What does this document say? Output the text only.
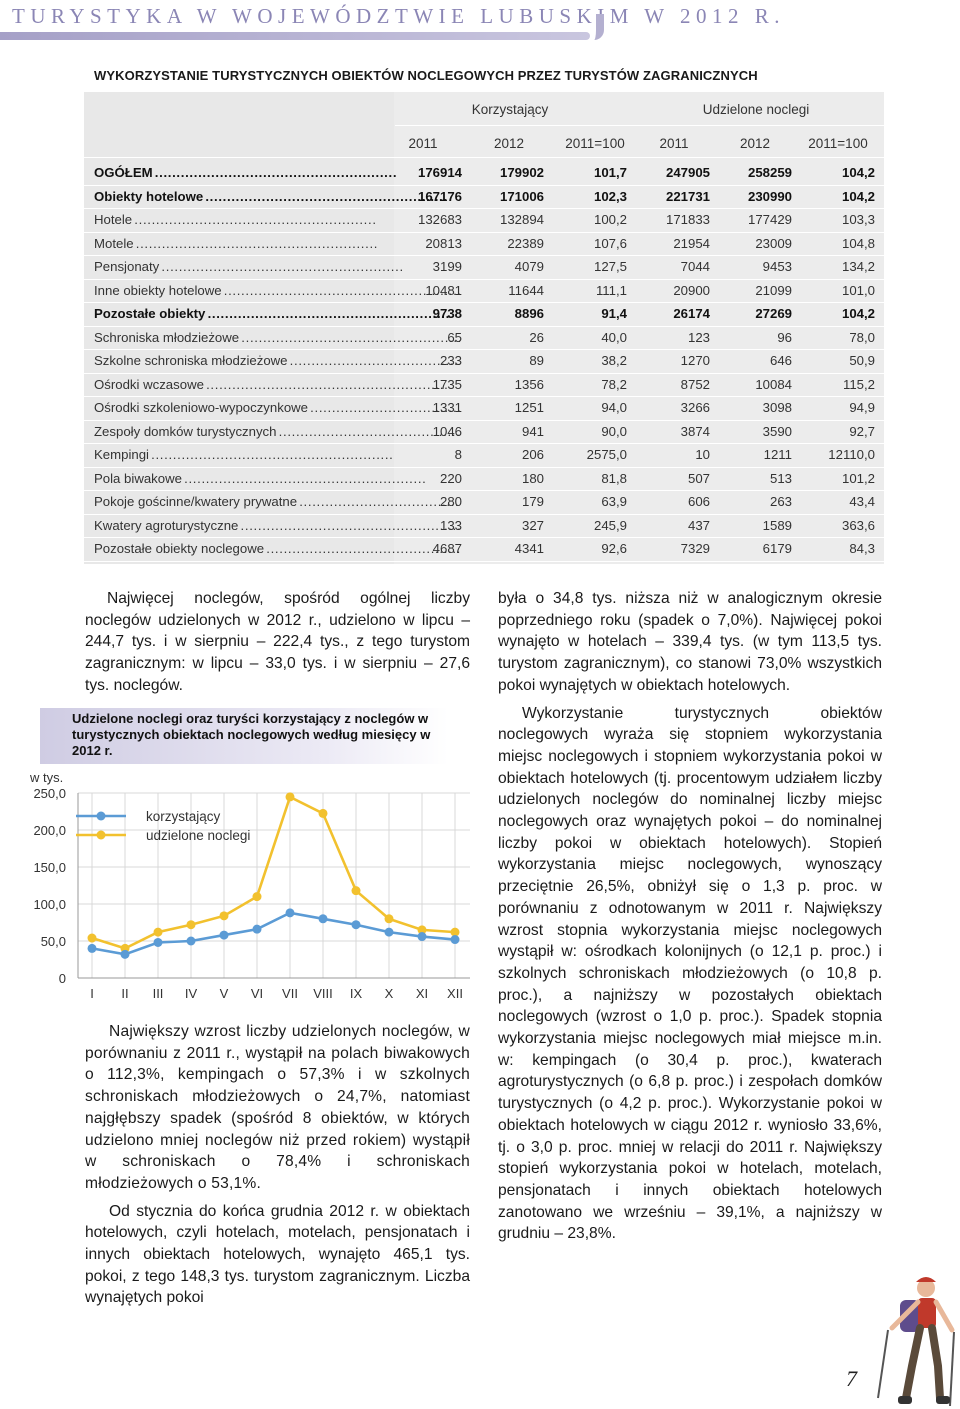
TURYSTYKA W WOJEWÓDZTWIE LUBUSKIM W 2012 R.
WYKORZYSTANIE TURYSTYCZNYCH OBIEKTÓW NOCLEGOWYCH PRZEZ TURYSTÓW ZAGRANICZNYCH
Korzystający	Udzielone noclegi
2011	2012	2011=100	2011	2012	2011=100
OGÓŁEM . . .	176914	179902	101,7	247905	258259	104,2
Obiekty hotelowe . . .	167176	171006	102,3	221731	230990	104,2
Hotele . . .	132683	132894	100,2	171833	177429	103,3
Motele . . .	20813	22389	107,6	21954	23009	104,8
Pensjonaty . . .	3199	4079	127,5	7044	9453	134,2
Inne obiekty hotelowe . . .	10481	11644	111,1	20900	21099	101,0
Pozostałe obiekty . . .	9738	8896	91,4	26174	27269	104,2
Schroniska młodzieżowe . . .	65	26	40,0	123	96	78,0
Szkolne schroniska młodzieżowe . . .	233	89	38,2	1270	646	50,9
Ośrodki wczasowe . . .	1735	1356	78,2	8752	10084	115,2
Ośrodki szkoleniowo-wypoczynkowe . . .	1331	1251	94,0	3266	3098	94,9
Zespoły domków turystycznych . . .	1046	941	90,0	3874	3590	92,7
Kempingi . . .	8	206	2575,0	10	1211	12110,0
Pola biwakowe . . .	220	180	81,8	507	513	101,2
Pokoje gościnne/kwatery prywatne . . .	280	179	63,9	606	263	43,4
Kwatery agroturystyczne . . .	133	327	245,9	437	1589	363,6
Pozostałe obiekty noclegowe . . .	4687	4341	92,6	7329	6179	84,3
Najwięcej noclegów, spośród ogólnej liczby noclegów udzielonych w 2012 r., udzielono w lipcu – 244,7 tys. i w sierpniu – 222,4 tys., z tego turystom zagranicznym: w lipcu – 33,0 tys. i w sierpniu – 27,6 tys. noclegów.
Udzielone noclegi oraz turyści korzystający z noclegów w turystycznych obiektach noclegowych według miesięcy w 2012 r.
w tys.
0
50,0
100,0
150,0
200,0
250,0
I II III IV V VI VII VIII IX X XI XII
korzystający
udzielone noclegi

Największy wzrost liczby udzielonych noclegów, w porównaniu z 2011 r., wystąpił na polach biwakowych o 112,3%, kempingach o 57,3% i w szkolnych schroniskach młodzieżowych o 24,7%, natomiast najgłębszy spadek (spośród 8 obiektów, w których udzielono mniej noclegów niż przed rokiem) wystąpił w schroniskach o 78,4% i schroniskach młodzieżowych o 53,1%.

Od stycznia do końca grudnia 2012 r. w obiektach hotelowych, czyli hotelach, motelach, pensjonatach i innych obiektach hotelowych, wynajęto 465,1 tys. pokoi, z tego 148,3 tys. turystom zagranicznym. Liczba wynajętych pokoi

była o 34,8 tys. niższa niż w analogicznym okresie poprzedniego roku (spadek o 7,0%). Najwięcej pokoi wynajęto w hotelach – 339,4 tys. (w tym 113,5 tys. turystom zagranicznym), co stanowi 73,0% wszystkich pokoi wynajętych w obiektach hotelowych.

Wykorzystanie turystycznych obiektów noclegowych wyraża się stopniem wykorzystania miejsc noclegowych i stopniem wykorzystania pokoi w obiektach hotelowych (tj. procentowym udziałem liczby udzielonych noclegów do nominalnej liczby miejsc noclegowych oraz wynajętych pokoi – do nominalnej liczby pokoi w obiektach hotelowych). Stopień wykorzystania miejsc noclegowych, wynoszący przeciętnie 26,5%, obniżył się o 1,3 p. proc. w porównaniu z odnotowanym w 2011 r. Największy wzrost stopnia wykorzystania miejsc noclegowych wystąpił w: ośrodkach kolonijnych (o 12,1 p. proc.) i szkolnych schroniskach młodzieżowych (o 10,8 p. proc.), a najniższy w pozostałych obiektach noclegowych (wzrost o 1,0 p. proc.). Spadek stopnia wykorzystania miejsc noclegowych miał miejsce m.in. w: kempingach (o 30,4 p. proc.), kwaterach agroturystycznych (o 6,8 p. proc.) i zespołach domków turystycznych (o 4,2 p. proc.). Wykorzystanie pokoi w obiektach hotelowych w ciągu 2012 r. wyniosło 33,6%, tj. o 3,0 p. proc. mniej w relacji do 2011 r. Największy stopień wykorzystania pokoi w hotelach, motelach, pensjonatach i innych obiektach hotelowych zanotowano we wrześniu – 39,1%, a najniższy w grudniu – 23,8%.

7
